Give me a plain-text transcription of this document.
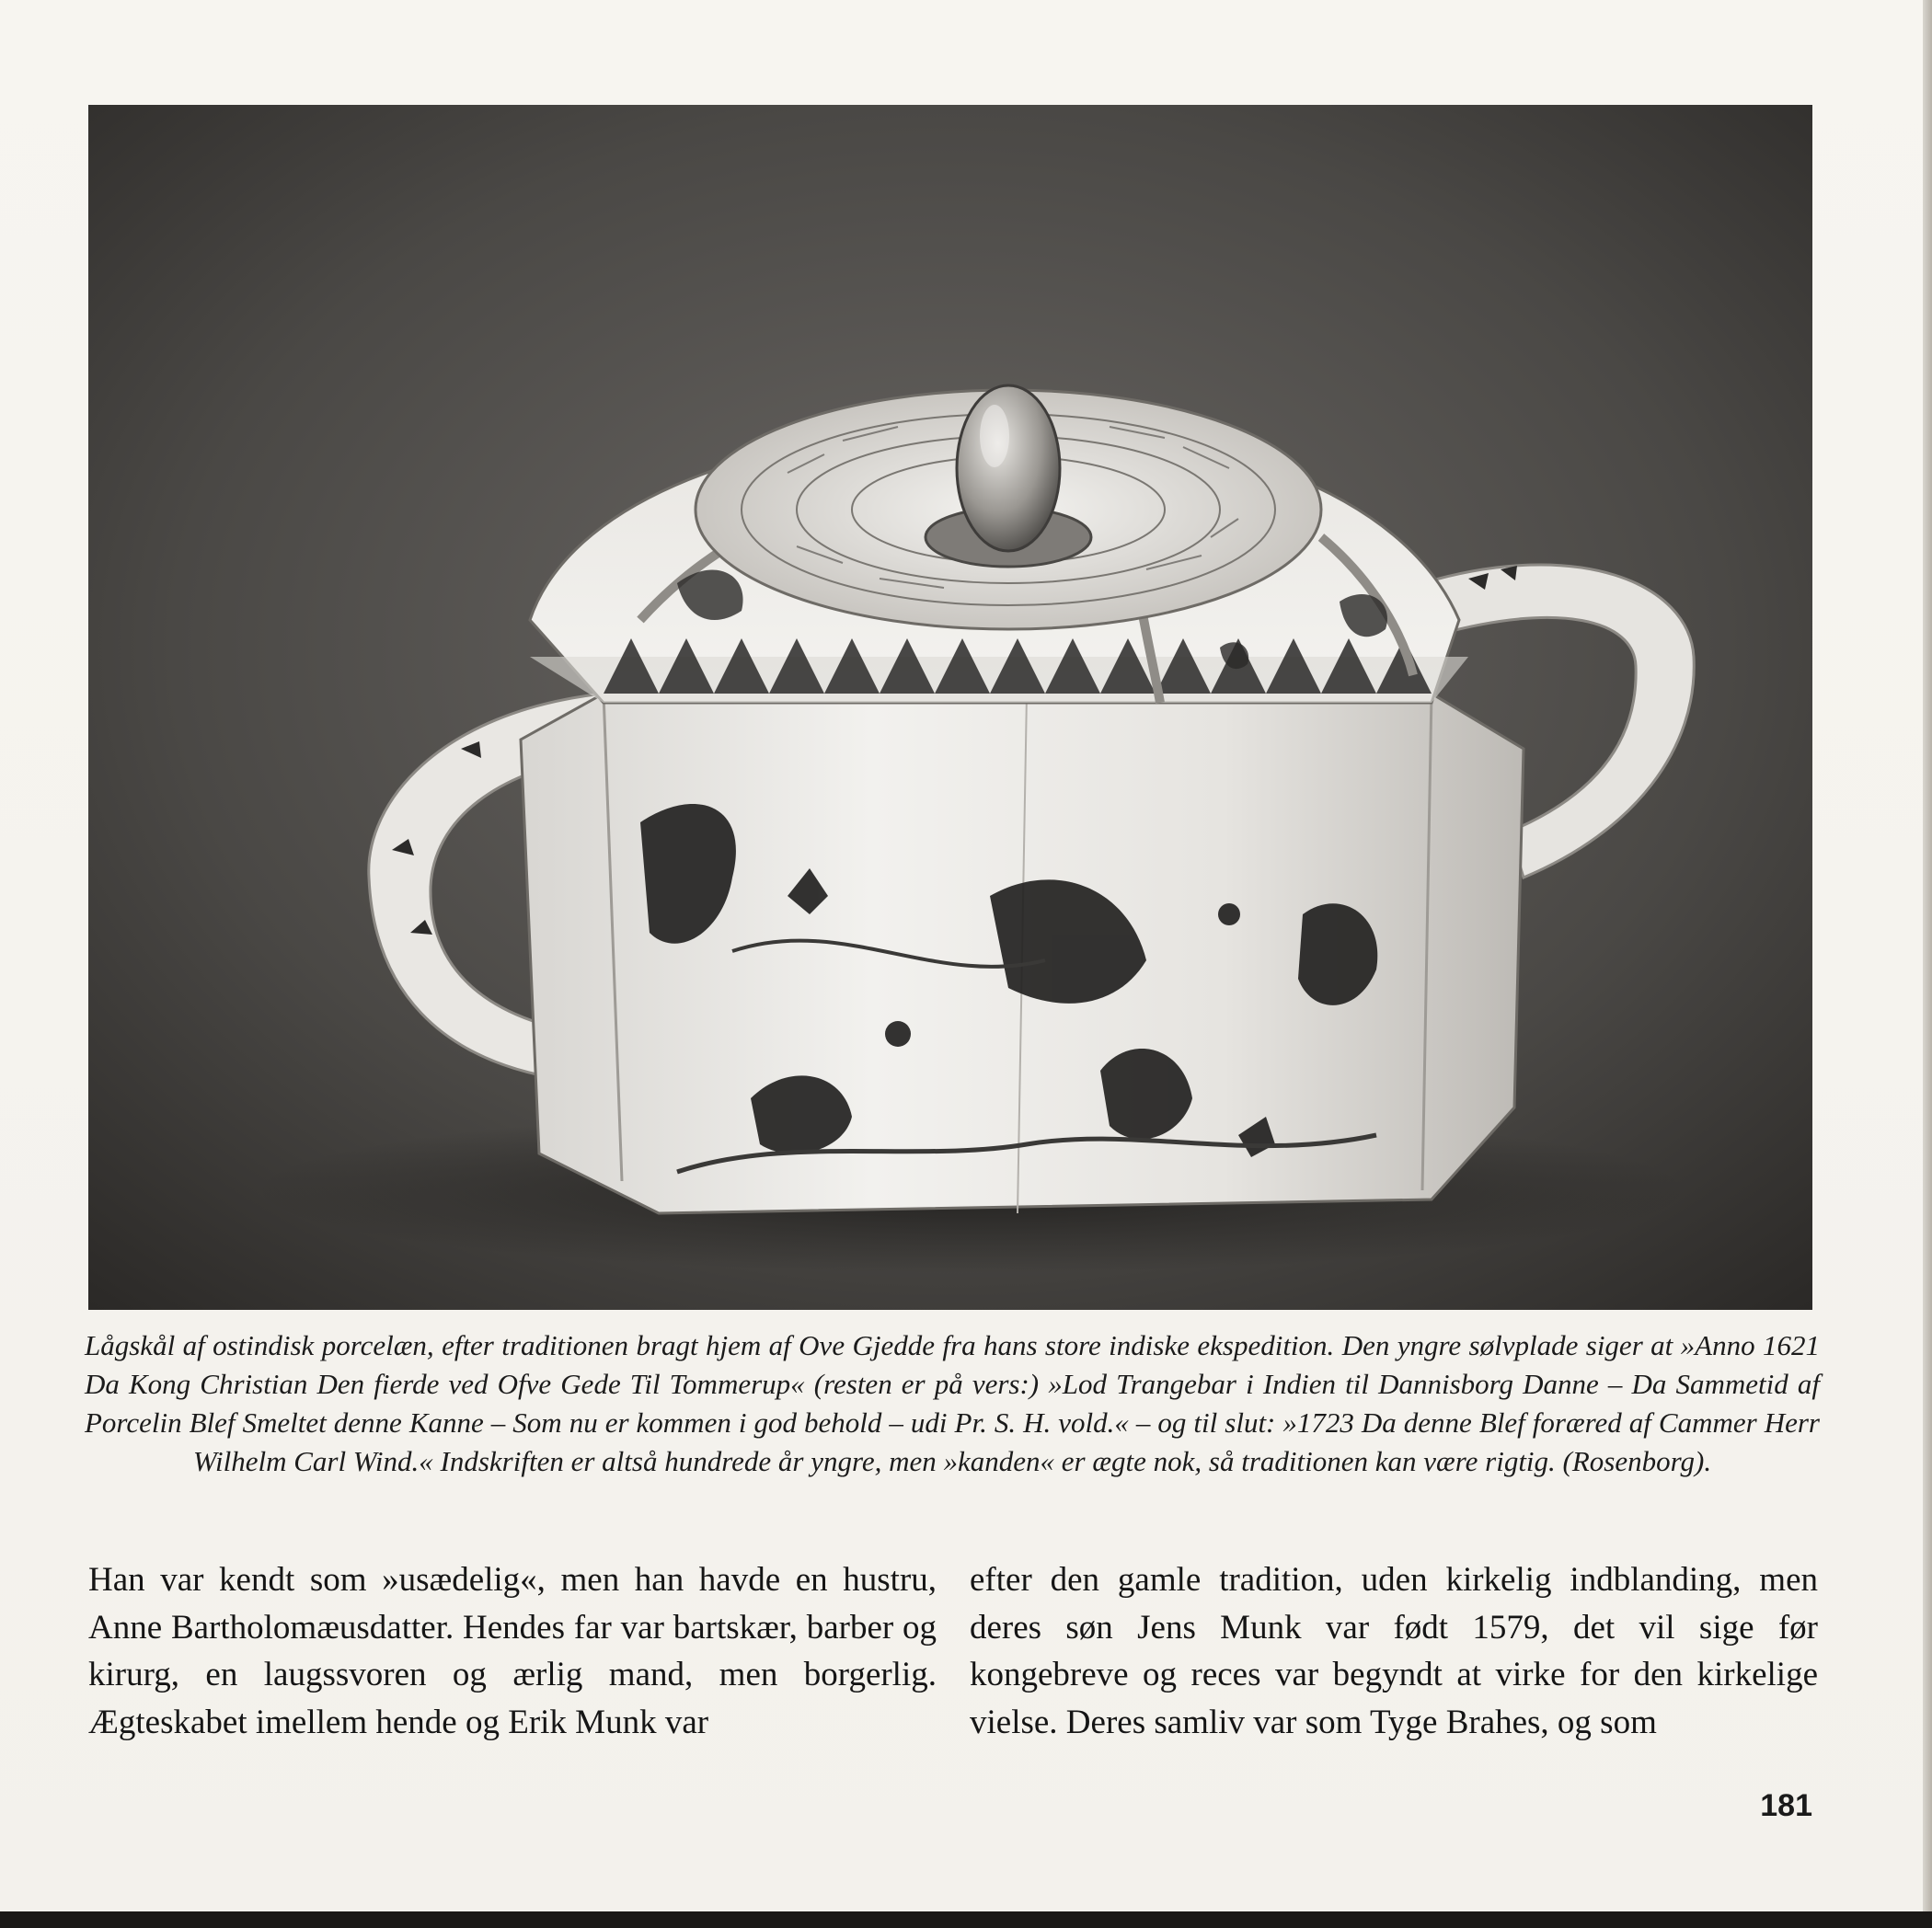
Lågskål af ostindisk porcelæn, efter traditionen bragt hjem af Ove Gjedde fra hans store indiske ekspedition. Den yngre sølvplade siger at »Anno 1621 Da Kong Christian Den fierde ved Ofve Gede Til Tommerup« (resten er på vers:) »Lod Trangebar i Indien til Dannisborg Danne – Da Sammetid af Porcelin Blef Smeltet denne Kanne – Som nu er kommen i god behold – udi Pr. S. H. vold.« – og til slut: »1723 Da denne Blef foræred af Cammer Herr Wilhelm Carl Wind.« Indskriften er altså hundrede år yngre, men »kanden« er ægte nok, så traditionen kan være rigtig. (Rosenborg).
Han var kendt som »usædelig«, men han havde en hustru, Anne Bartholomæusdatter. Hendes far var bartskær, barber og kirurg, en laugssvoren og ærlig mand, men borgerlig. Ægteskabet imellem hende og Erik Munk var
efter den gamle tradition, uden kirkelig indblanding, men deres søn Jens Munk var født 1579, det vil sige før kongebreve og reces var begyndt at virke for den kirkelige vielse. Deres samliv var som Tyge Brahes, og som
181
